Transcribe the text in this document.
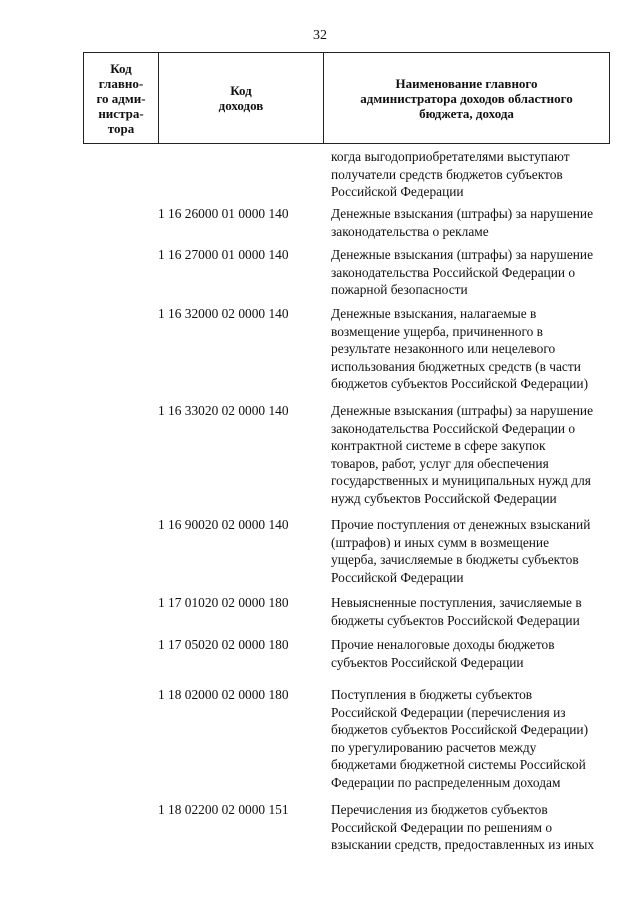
32
Код
главно-
го адми-
нистра-
тора

Код
доходов

Наименование главного
администратора доходов областного
бюджета, дохода
когда выгодоприобретателями выступают
получатели средств бюджетов субъектов
Российской Федерации
1 16 26000 01 0000 140	Денежные взыскания (штрафы) за нарушение
законодательства о рекламе
1 16 27000 01 0000 140	Денежные взыскания (штрафы) за нарушение
законодательства Российской Федерации о
пожарной безопасности
1 16 32000 02 0000 140	Денежные взыскания, налагаемые в
возмещение ущерба, причиненного в
результате незаконного или нецелевого
использования бюджетных средств (в части
бюджетов субъектов Российской Федерации)
1 16 33020 02 0000 140	Денежные взыскания (штрафы) за нарушение
законодательства Российской Федерации о
контрактной системе в сфере закупок
товаров, работ, услуг для обеспечения
государственных и муниципальных нужд для
нужд субъектов Российской Федерации
1 16 90020 02 0000 140	Прочие поступления от денежных взысканий
(штрафов) и иных сумм в возмещение
ущерба, зачисляемые в бюджеты субъектов
Российской Федерации
1 17 01020 02 0000 180	Невыясненные поступления, зачисляемые в
бюджеты субъектов Российской Федерации
1 17 05020 02 0000 180	Прочие неналоговые доходы бюджетов
субъектов Российской Федерации
1 18 02000 02 0000 180	Поступления в бюджеты субъектов
Российской Федерации (перечисления из
бюджетов субъектов Российской Федерации)
по урегулированию расчетов между
бюджетами бюджетной системы Российской
Федерации по распределенным доходам
1 18 02200 02 0000 151	Перечисления из бюджетов субъектов
Российской Федерации по решениям о
взыскании средств, предоставленных из иных
